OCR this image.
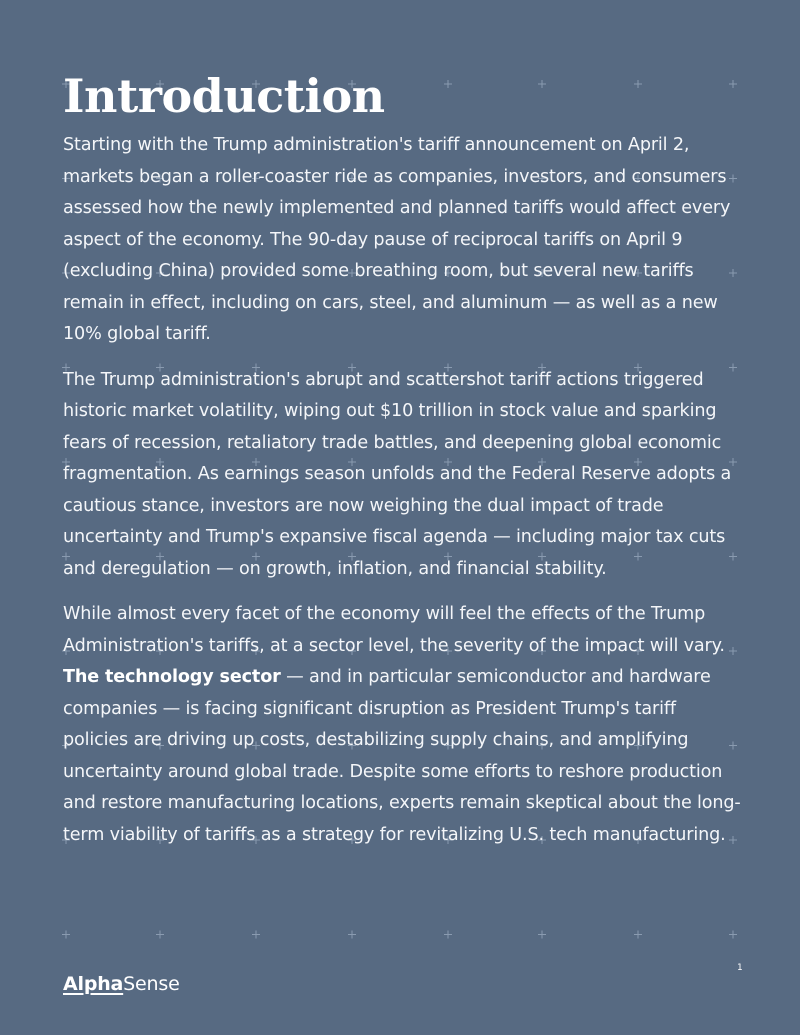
Introduction

Starting with the Trump administration's tariff announcement on April 2, markets began a roller-coaster ride as companies, investors, and consumers assessed how the newly implemented and planned tariffs would affect every aspect of the economy. The 90-day pause of reciprocal tariffs on April 9 (excluding China) provided some breathing room, but several new tariffs remain in effect, including on cars, steel, and aluminum — as well as a new 10% global tariff.

The Trump administration's abrupt and scattershot tariff actions triggered historic market volatility, wiping out $10 trillion in stock value and sparking fears of recession, retaliatory trade battles, and deepening global economic fragmentation. As earnings season unfolds and the Federal Reserve adopts a cautious stance, investors are now weighing the dual impact of trade uncertainty and Trump's expansive fiscal agenda — including major tax cuts and deregulation — on growth, inflation, and financial stability.

While almost every facet of the economy will feel the effects of the Trump Administration's tariffs, at a sector level, the severity of the impact will vary. The technology sector — and in particular semiconductor and hardware companies — is facing significant disruption as President Trump's tariff policies are driving up costs, destabilizing supply chains, and amplifying uncertainty around global trade. Despite some efforts to reshore production and restore manufacturing locations, experts remain skeptical about the long-term viability of tariffs as a strategy for revitalizing U.S. tech manufacturing.

AlphaSense
1
